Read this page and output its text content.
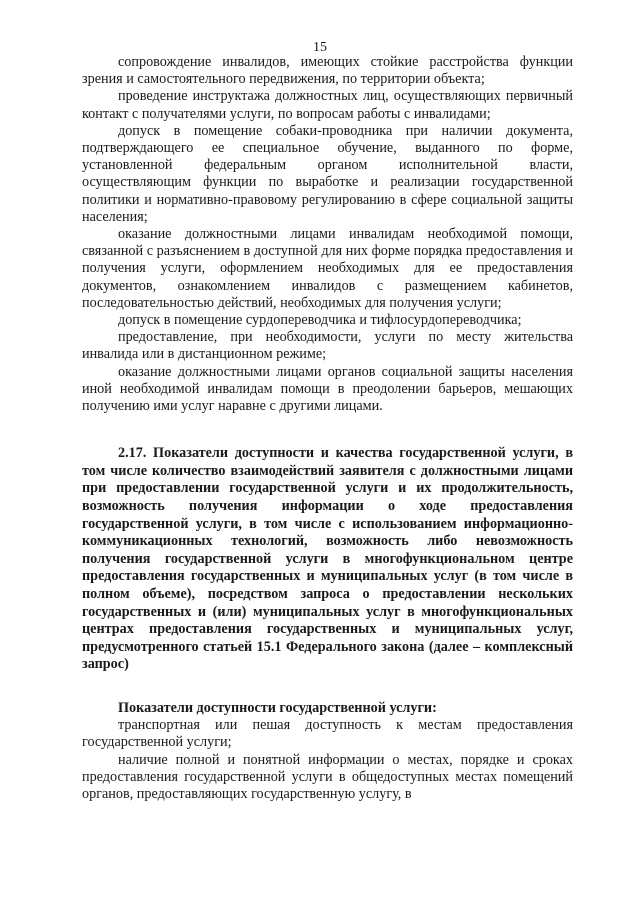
15

сопровождение инвалидов, имеющих стойкие расстройства функции зрения и самостоятельного передвижения, по территории объекта;

проведение инструктажа должностных лиц, осуществляющих первичный контакт с получателями услуги, по вопросам работы с инвалидами;

допуск в помещение собаки-проводника при наличии документа, подтверждающего ее специальное обучение, выданного по форме, установленной федеральным органом исполнительной власти, осуществляющим функции по выработке и реализации государственной политики и нормативно-правовому регулированию в сфере социальной защиты населения;

оказание должностными лицами инвалидам необходимой помощи, связанной с разъяснением в доступной для них форме порядка предоставления и получения услуги, оформлением необходимых для ее предоставления документов, ознакомлением инвалидов с размещением кабинетов, последовательностью действий, необходимых для получения услуги;

допуск в помещение сурдопереводчика и тифлосурдопереводчика;

предоставление, при необходимости, услуги по месту жительства инвалида или в дистанционном режиме;

оказание должностными лицами органов социальной защиты населения иной необходимой инвалидам помощи в преодолении барьеров, мешающих получению ими услуг наравне с другими лицами.

2.17. Показатели доступности и качества государственной услуги, в том числе количество взаимодействий заявителя с должностными лицами при предоставлении государственной услуги и их продолжительность, возможность получения информации о ходе предоставления государственной услуги, в том числе с использованием информационно-коммуникационных технологий, возможность либо невозможность получения государственной услуги в многофункциональном центре предоставления государственных и муниципальных услуг (в том числе в полном объеме), посредством запроса о предоставлении нескольких государственных и (или) муниципальных услуг в многофункциональных центрах предоставления государственных и муниципальных услуг, предусмотренного статьей 15.1 Федерального закона (далее – комплексный запрос)

Показатели доступности государственной услуги:

транспортная или пешая доступность к местам предоставления государственной услуги;

наличие полной и понятной информации о местах, порядке и сроках предоставления государственной услуги в общедоступных местах помещений органов, предоставляющих государственную услугу, в
